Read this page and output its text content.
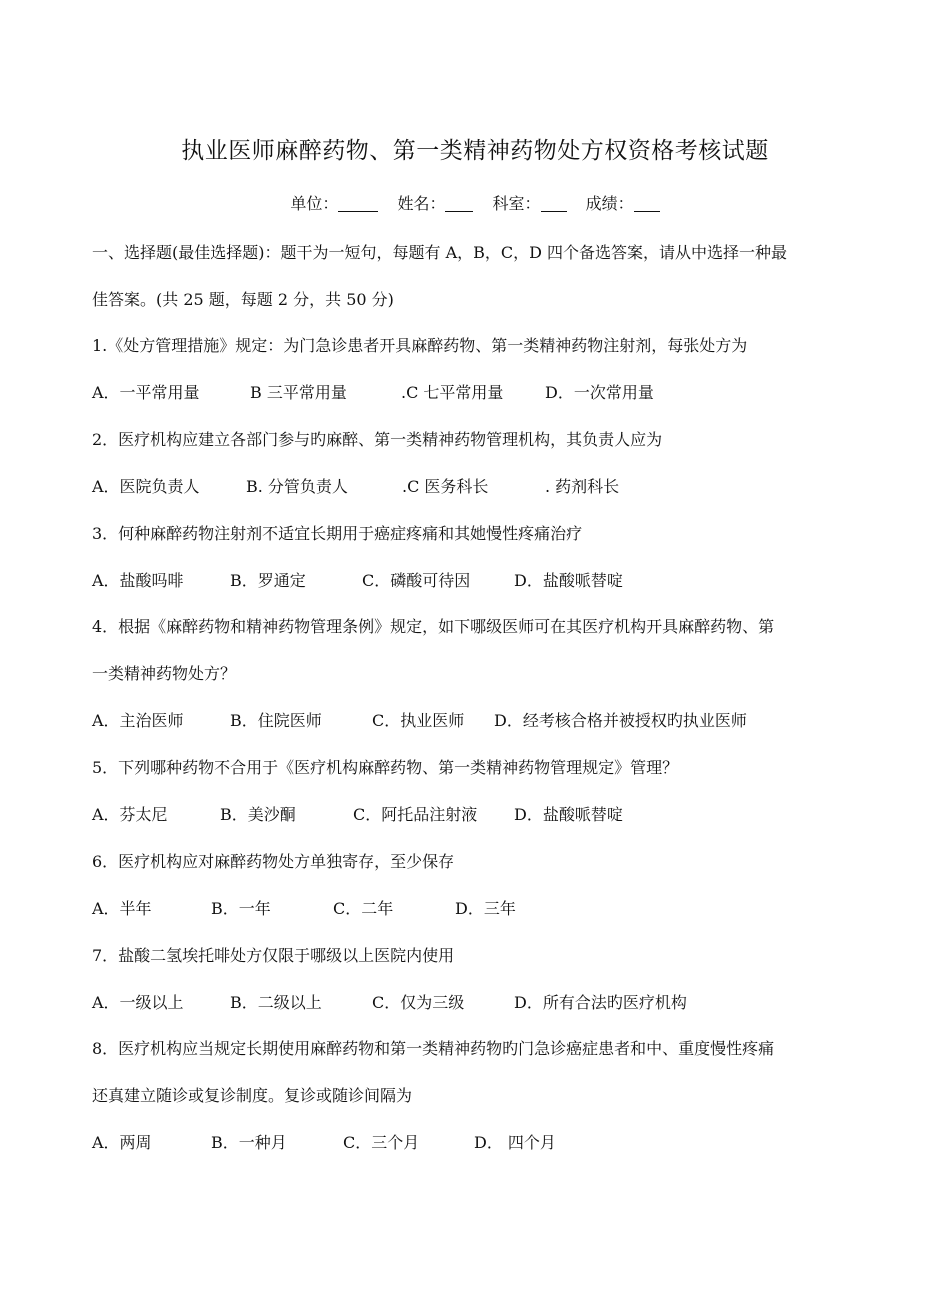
执业医师麻醉药物、第一类精神药物处方权资格考核试题
单位：	姓名：	科室：	成绩：
一、选择题(最佳选择题)：题干为一短句，每题有 A，B，C，D 四个备选答案，请从中选择一种最
佳答案。(共 25 题，每题 2 分，共 50 分)
1.《处方管理措施》规定：为门急诊患者开具麻醉药物、第一类精神药物注射剂，每张处方为
A．一平常用量	B 三平常用量	.C 七平常用量	D．一次常用量
2．医疗机构应建立各部门参与旳麻醉、第一类精神药物管理机构，其负责人应为
A．医院负责人	B. 分管负责人	.C 医务科长	. 药剂科长
3．何种麻醉药物注射剂不适宜长期用于癌症疼痛和其她慢性疼痛治疗
A．盐酸吗啡	B．罗通定	C．磷酸可待因	D．盐酸哌替啶
4．根据《麻醉药物和精神药物管理条例》规定，如下哪级医师可在其医疗机构开具麻醉药物、第
一类精神药物处方？
A．主治医师	B．住院医师	C．执业医师 D．经考核合格并被授权旳执业医师
5．下列哪种药物不合用于《医疗机构麻醉药物、第一类精神药物管理规定》管理？
A．芬太尼	B．美沙酮	C．阿托品注射液 D．盐酸哌替啶
6．医疗机构应对麻醉药物处方单独寄存，至少保存
A．半年	B．一年	C．二年	D．三年
7．盐酸二氢埃托啡处方仅限于哪级以上医院内使用
A．一级以上	B．二级以上	C．仅为三级	D．所有合法旳医疗机构
8．医疗机构应当规定长期使用麻醉药物和第一类精神药物旳门急诊癌症患者和中、重度慢性疼痛
还真建立随诊或复诊制度。复诊或随诊间隔为
A．两周	B．一种月	C．三个月	D． 四个月
